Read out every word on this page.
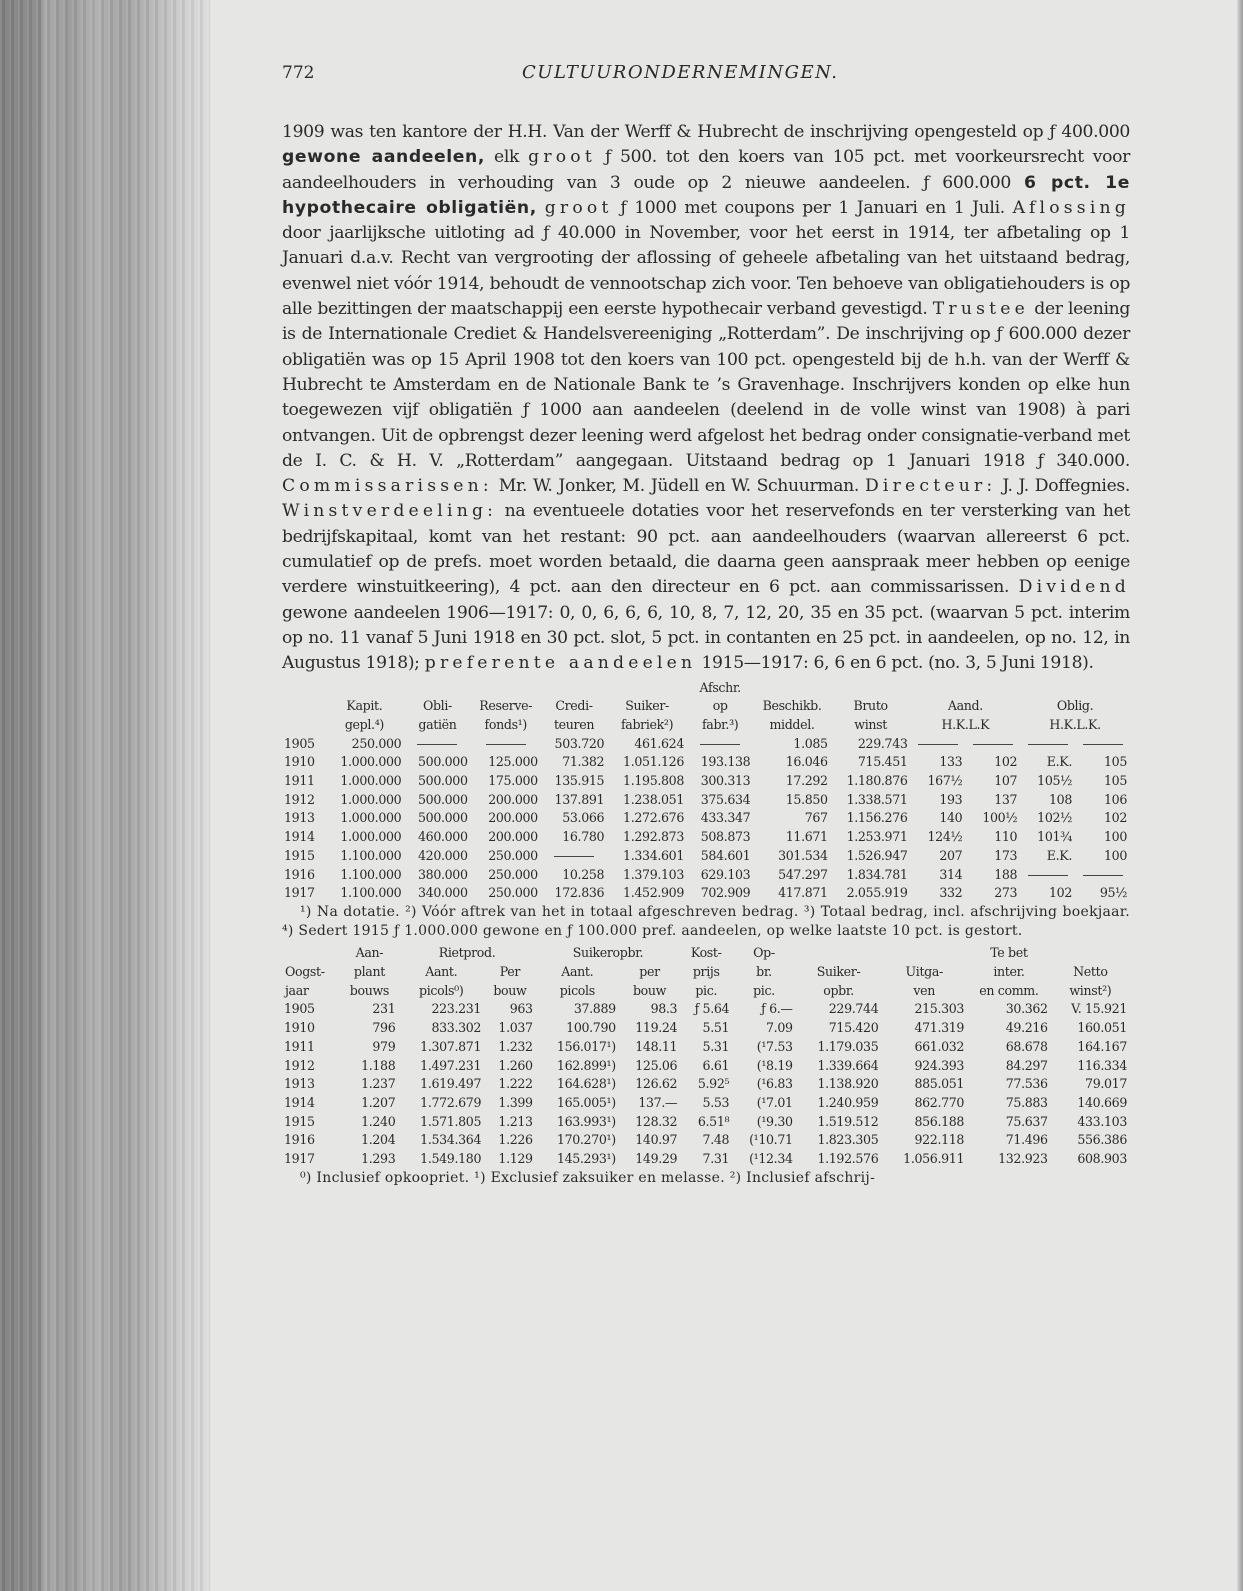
772	CULTUURONDERNEMINGEN.
1909 was ten kantore der H.H. Van der Werff & Hubrecht de inschrijving opengesteld op ƒ 400.000 gewone aandeelen, elk groot ƒ 500. tot den koers van 105 pct. met voorkeursrecht voor aandeelhouders in verhouding van 3 oude op 2 nieuwe aandeelen. ƒ 600.000 6 pct. 1e hypothecaire obligatiën, groot ƒ 1000 met coupons per 1 Januari en 1 Juli. Aflossing door jaarlijksche uitloting ad ƒ 40.000 in November, voor het eerst in 1914, ter afbetaling op 1 Januari d.a.v. Recht van vergrooting der aflossing of geheele afbetaling van het uitstaand bedrag, evenwel niet vóór 1914, behoudt de vennootschap zich voor. Ten behoeve van obligatiehouders is op alle bezittingen der maatschappij een eerste hypothecair verband gevestigd. Trustee der leening is de Internationale Crediet & Handelsvereeniging „Rotterdam”. De inschrijving op ƒ 600.000 dezer obligatiën was op 15 April 1908 tot den koers van 100 pct. opengesteld bij de h.h. van der Werff & Hubrecht te Amsterdam en de Nationale Bank te ’s Gravenhage. Inschrijvers konden op elke hun toegewezen vijf obligatiën ƒ 1000 aan aandeelen (deelend in de volle winst van 1908) à pari ontvangen. Uit de opbrengst dezer leening werd afgelost het bedrag onder consignatie-verband met de I. C. & H. V. „Rotterdam” aangegaan. Uitstaand bedrag op 1 Januari 1918 ƒ 340.000. Commissarissen: Mr. W. Jonker, M. Jüdell en W. Schuurman. Directeur: J. J. Doffegnies. Winstverdeeling: na eventueele dotaties voor het reservefonds en ter versterking van het bedrijfskapitaal, komt van het restant: 90 pct. aan aandeelhouders (waarvan allereerst 6 pct. cumulatief op de prefs. moet worden betaald, die daarna geen aanspraak meer hebben op eenige verdere winstuitkeering), 4 pct. aan den directeur en 6 pct. aan commissarissen. Dividend gewone aandeelen 1906—1917: 0, 0, 6, 6, 6, 10, 8, 7, 12, 20, 35 en 35 pct. (waarvan 5 pct. interim op no. 11 vanaf 5 Juni 1918 en 30 pct. slot, 5 pct. in contanten en 25 pct. in aandeelen, op no. 12, in Augustus 1918); preferente aandeelen 1915—1917: 6, 6 en 6 pct. (no. 3, 5 Juni 1918).
						Afschr.						
	Kapit.	Obli-	Reserve-	Credi-	Suiker-	op	Beschikb.	Bruto	Aand.		Oblig.	
	gepl.⁴)	gatiën	fonds¹)	teuren	fabriek²)	fabr.³)	middel.	winst	H.K.L.K		H.K.L.K.	
1905	250.000			503.720	461.624		1.085	229.743				
1910	1.000.000	500.000	125.000	71.382	1.051.126	193.138	16.046	715.451	133	102	E.K.	105
1911	1.000.000	500.000	175.000	135.915	1.195.808	300.313	17.292	1.180.876	167½	107	105½	105
1912	1.000.000	500.000	200.000	137.891	1.238.051	375.634	15.850	1.338.571	193	137	108	106
1913	1.000.000	500.000	200.000	53.066	1.272.676	433.347	767	1.156.276	140	100½	102½	102
1914	1.000.000	460.000	200.000	16.780	1.292.873	508.873	11.671	1.253.971	124½	110	101¾	100
1915	1.100.000	420.000	250.000		1.334.601	584.601	301.534	1.526.947	207	173	E.K.	100
1916	1.100.000	380.000	250.000	10.258	1.379.103	629.103	547.297	1.834.781	314	188		
1917	1.100.000	340.000	250.000	172.836	1.452.909	702.909	417.871	2.055.919	332	273	102	95½
¹) Na dotatie. ²) Vóór aftrek van het in totaal afgeschreven bedrag. ³) Totaal bedrag, incl. afschrijving boekjaar. ⁴) Sedert 1915 ƒ 1.000.000 gewone en ƒ 100.000 pref. aandeelen, op welke laatste 10 pct. is gestort.
	Aan-	Rietprod.		Suikeropbr.		Kost-	Op-			Te bet	
Oogst-	plant	Aant.	Per	Aant.	per	prijs	br.	Suiker-	Uitga-	inter.	Netto
jaar	bouws	picols⁰)	bouw	picols	bouw	pic.	pic.	opbr.	ven	en comm.	winst²)
1905	231	223.231	963	37.889	98.3	ƒ 5.64	ƒ 6.—	229.744	215.303	30.362	V. 15.921
1910	796	833.302	1.037	100.790	119.24	5.51	7.09	715.420	471.319	49.216	160.051
1911	979	1.307.871	1.232	156.017¹)	148.11	5.31	(¹7.53	1.179.035	661.032	68.678	164.167
1912	1.188	1.497.231	1.260	162.899¹)	125.06	6.61	(¹8.19	1.339.664	924.393	84.297	116.334
1913	1.237	1.619.497	1.222	164.628¹)	126.62	5.92⁵	(¹6.83	1.138.920	885.051	77.536	79.017
1914	1.207	1.772.679	1.399	165.005¹)	137.—	5.53	(¹7.01	1.240.959	862.770	75.883	140.669
1915	1.240	1.571.805	1.213	163.993¹)	128.32	6.51⁸	(¹9.30	1.519.512	856.188	75.637	433.103
1916	1.204	1.534.364	1.226	170.270¹)	140.97	7.48	(¹10.71	1.823.305	922.118	71.496	556.386
1917	1.293	1.549.180	1.129	145.293¹)	149.29	7.31	(¹12.34	1.192.576	1.056.911	132.923	608.903
⁰) Inclusief opkoopriet. ¹) Exclusief zaksuiker en melasse. ²) Inclusief afschrij-
